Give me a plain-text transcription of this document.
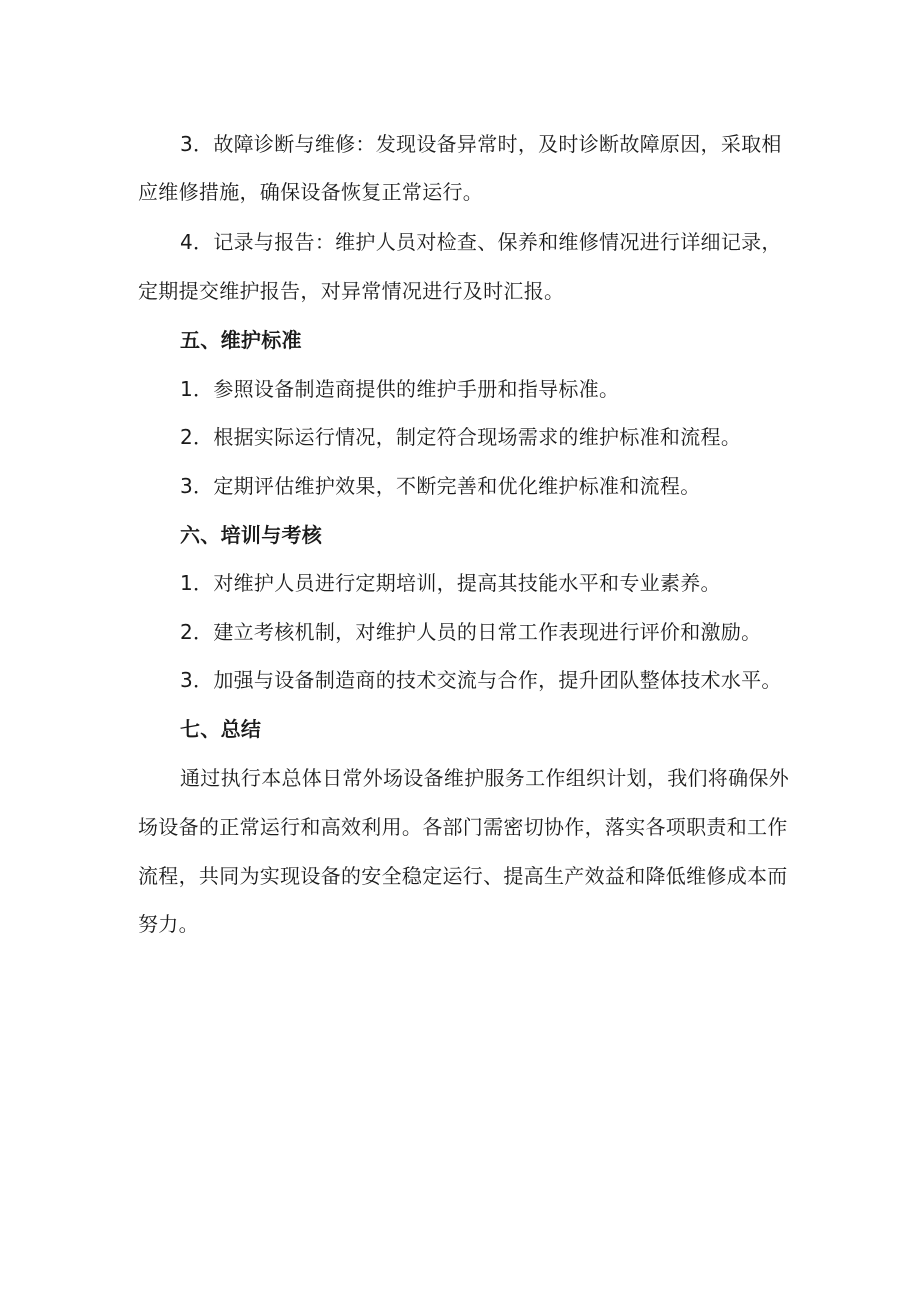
3．故障诊断与维修：发现设备异常时，及时诊断故障原因，采取相
应维修措施，确保设备恢复正常运行。
4．记录与报告：维护人员对检查、保养和维修情况进行详细记录，
定期提交维护报告，对异常情况进行及时汇报。
五、维护标准
1．参照设备制造商提供的维护手册和指导标准。
2．根据实际运行情况，制定符合现场需求的维护标准和流程。
3．定期评估维护效果，不断完善和优化维护标准和流程。
六、培训与考核
1．对维护人员进行定期培训，提高其技能水平和专业素养。
2．建立考核机制，对维护人员的日常工作表现进行评价和激励。
3．加强与设备制造商的技术交流与合作，提升团队整体技术水平。
七、总结
通过执行本总体日常外场设备维护服务工作组织计划，我们将确保外
场设备的正常运行和高效利用。各部门需密切协作，落实各项职责和工作
流程，共同为实现设备的安全稳定运行、提高生产效益和降低维修成本而
努力。
